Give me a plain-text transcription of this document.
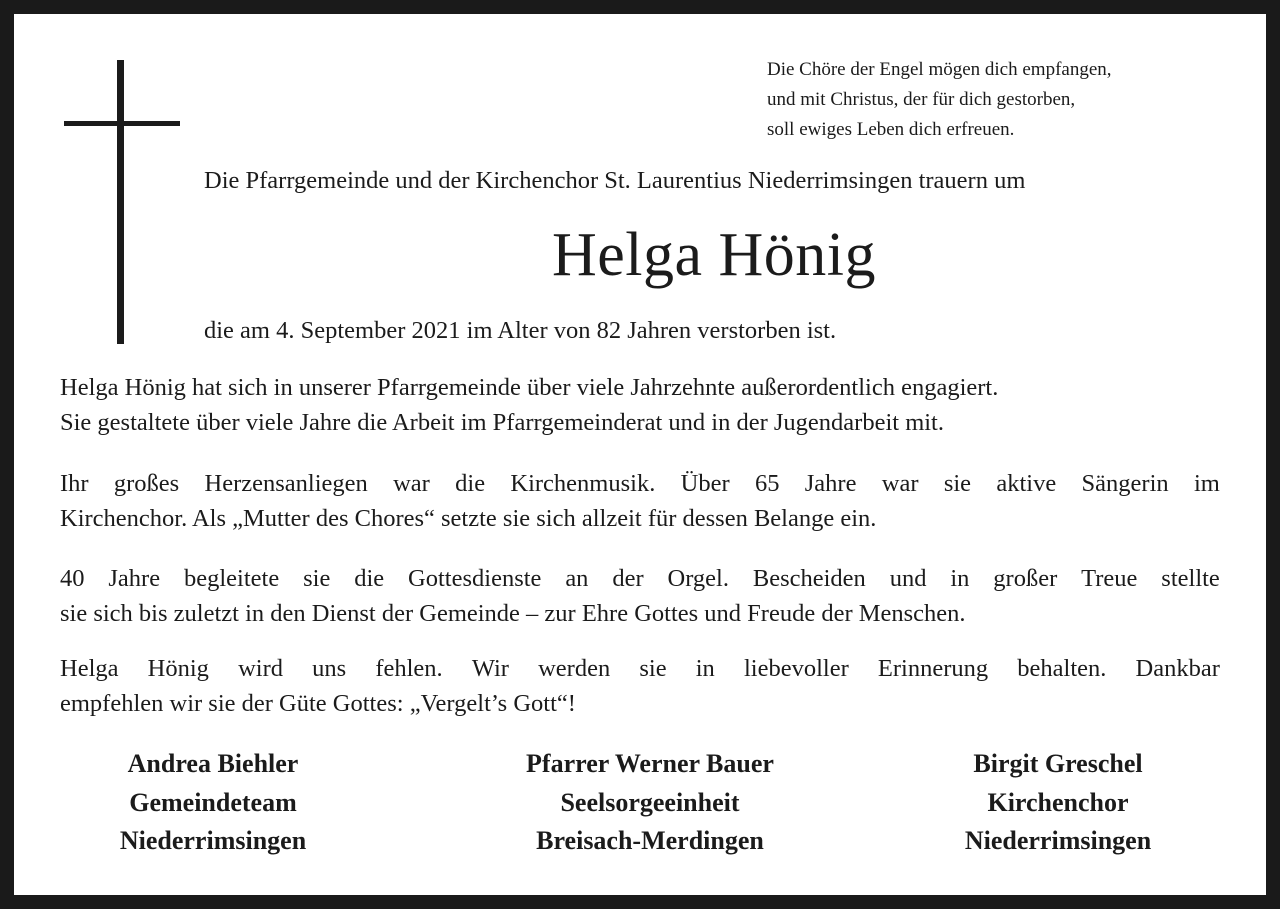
Die Chöre der Engel mögen dich empfangen,
und mit Christus, der für dich gestorben,
soll ewiges Leben dich erfreuen.
Die Pfarrgemeinde und der Kirchenchor St. Laurentius Niederrimsingen trauern um
Helga Hönig
die am 4. September 2021 im Alter von 82 Jahren verstorben ist.
Helga Hönig hat sich in unserer Pfarrgemeinde über viele Jahrzehnte außerordentlich engagiert.
Sie gestaltete über viele Jahre die Arbeit im Pfarrgemeinderat und in der Jugendarbeit mit.
Ihr großes Herzensanliegen war die Kirchenmusik. Über 65 Jahre war sie aktive Sängerin im
Kirchenchor. Als „Mutter des Chores“ setzte sie sich allzeit für dessen Belange ein.
40 Jahre begleitete sie die Gottesdienste an der Orgel. Bescheiden und in großer Treue stellte
sie sich bis zuletzt in den Dienst der Gemeinde – zur Ehre Gottes und Freude der Menschen.
Helga Hönig wird uns fehlen. Wir werden sie in liebevoller Erinnerung behalten. Dankbar
empfehlen wir sie der Güte Gottes: „Vergelt’s Gott“!
Andrea Biehler
Gemeindeteam
Niederrimsingen
Pfarrer Werner Bauer
Seelsorgeeinheit
Breisach-Merdingen
Birgit Greschel
Kirchenchor
Niederrimsingen
